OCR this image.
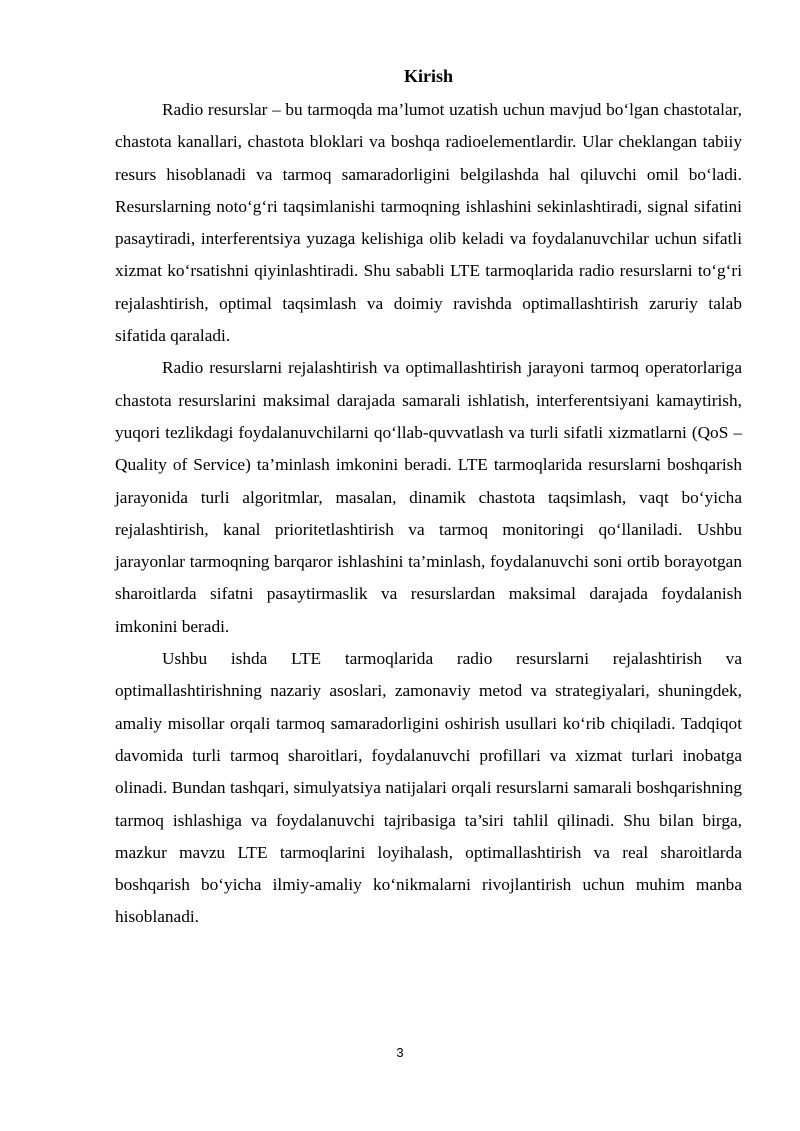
Kirish

Radio resurslar – bu tarmoqda ma’lumot uzatish uchun mavjud bo‘lgan chastotalar, chastota kanallari, chastota bloklari va boshqa radioelementlardir. Ular cheklangan tabiiy resurs hisoblanadi va tarmoq samaradorligini belgilashda hal qiluvchi omil bo‘ladi. Resurslarning noto‘g‘ri taqsimlanishi tarmoqning ishlashini sekinlashtiradi, signal sifatini pasaytiradi, interferentsiya yuzaga kelishiga olib keladi va foydalanuvchilar uchun sifatli xizmat ko‘rsatishni qiyinlashtiradi. Shu sababli LTE tarmoqlarida radio resurslarni to‘g‘ri rejalashtirish, optimal taqsimlash va doimiy ravishda optimallashtirish zaruriy talab sifatida qaraladi.

Radio resurslarni rejalashtirish va optimallashtirish jarayoni tarmoq operatorlariga chastota resurslarini maksimal darajada samarali ishlatish, interferentsiyani kamaytirish, yuqori tezlikdagi foydalanuvchilarni qo‘llab-quvvatlash va turli sifatli xizmatlarni (QoS – Quality of Service) ta’minlash imkonini beradi. LTE tarmoqlarida resurslarni boshqarish jarayonida turli algoritmlar, masalan, dinamik chastota taqsimlash, vaqt bo‘yicha rejalashtirish, kanal prioritetlashtirish va tarmoq monitoringi qo‘llaniladi. Ushbu jarayonlar tarmoqning barqaror ishlashini ta’minlash, foydalanuvchi soni ortib borayotgan sharoitlarda sifatni pasaytirmaslik va resurslardan maksimal darajada foydalanish imkonini beradi.

Ushbu ishda LTE tarmoqlarida radio resurslarni rejalashtirish va optimallashtirishning nazariy asoslari, zamonaviy metod va strategiyalari, shuningdek, amaliy misollar orqali tarmoq samaradorligini oshirish usullari ko‘rib chiqiladi. Tadqiqot davomida turli tarmoq sharoitlari, foydalanuvchi profillari va xizmat turlari inobatga olinadi. Bundan tashqari, simulyatsiya natijalari orqali resurslarni samarali boshqarishning tarmoq ishlashiga va foydalanuvchi tajribasiga ta’siri tahlil qilinadi. Shu bilan birga, mazkur mavzu LTE tarmoqlarini loyihalash, optimallashtirish va real sharoitlarda boshqarish bo‘yicha ilmiy-amaliy ko‘nikmalarni rivojlantirish uchun muhim manba hisoblanadi.

3
